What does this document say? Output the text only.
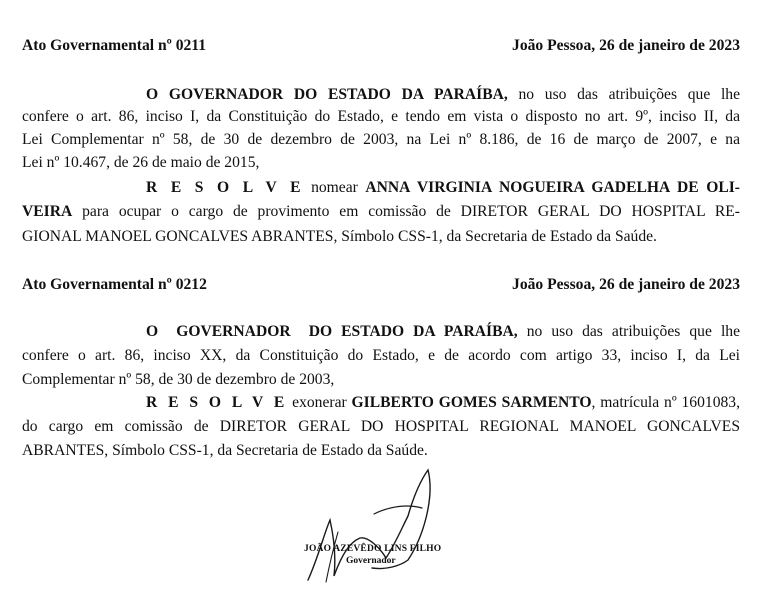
Ato Governamental nº 0211	João Pessoa, 26 de janeiro de 2023
O GOVERNADOR DO ESTADO DA PARAÍBA, no uso das atribuições que lhe
confere o art. 86, inciso I, da Constituição do Estado, e tendo em vista o disposto no art. 9º, inciso II, da
Lei Complementar nº 58, de 30 de dezembro de 2003, na Lei nº 8.186, de 16 de março de 2007, e na
Lei nº 10.467, de 26 de maio de 2015,
R E S O L V E nomear ANNA VIRGINIA NOGUEIRA GADELHA DE OLI-
VEIRA para ocupar o cargo de provimento em comissão de DIRETOR GERAL DO HOSPITAL RE-
GIONAL MANOEL GONCALVES ABRANTES, Símbolo CSS-1, da Secretaria de Estado da Saúde.
Ato Governamental nº 0212	João Pessoa, 26 de janeiro de 2023
O  GOVERNADOR  DO ESTADO DA PARAÍBA, no uso das atribuições que lhe
confere o art. 86, inciso XX, da Constituição do Estado, e de acordo com artigo 33, inciso I, da Lei
Complementar nº 58, de 30 de dezembro de 2003,
R E S O L V E exonerar GILBERTO GOMES SARMENTO, matrícula nº 1601083,
do cargo em comissão de DIRETOR GERAL DO HOSPITAL REGIONAL MANOEL GONCALVES
ABRANTES, Símbolo CSS-1, da Secretaria de Estado da Saúde.
JOÃO AZEVÊDO LINS FILHO
Governador
